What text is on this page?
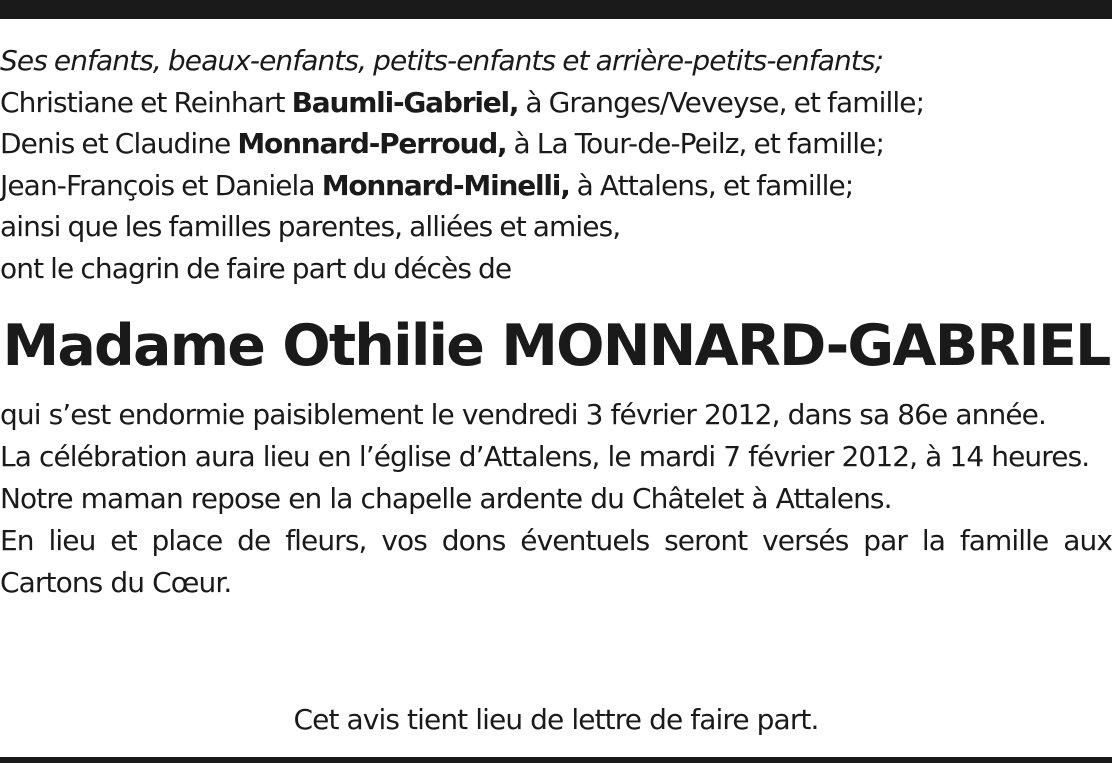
Ses enfants, beaux-enfants, petits-enfants et arrière-petits-enfants;
Christiane et Reinhart Baumli-Gabriel, à Granges/Veveyse, et famille;
Denis et Claudine Monnard-Perroud, à La Tour-de-Peilz, et famille;
Jean-François et Daniela Monnard-Minelli, à Attalens, et famille;
ainsi que les familles parentes, alliées et amies,
ont le chagrin de faire part du décès de
Madame Othilie MONNARD-GABRIEL

qui s’est endormie paisiblement le vendredi 3 février 2012, dans sa 86e année.

La célébration aura lieu en l’église d’Attalens, le mardi 7 février 2012, à 14 heures.

Notre maman repose en la chapelle ardente du Châtelet à Attalens.

En lieu et place de fleurs, vos dons éventuels seront versés par la famille aux Cartons du Cœur.

Cet avis tient lieu de lettre de faire part.
